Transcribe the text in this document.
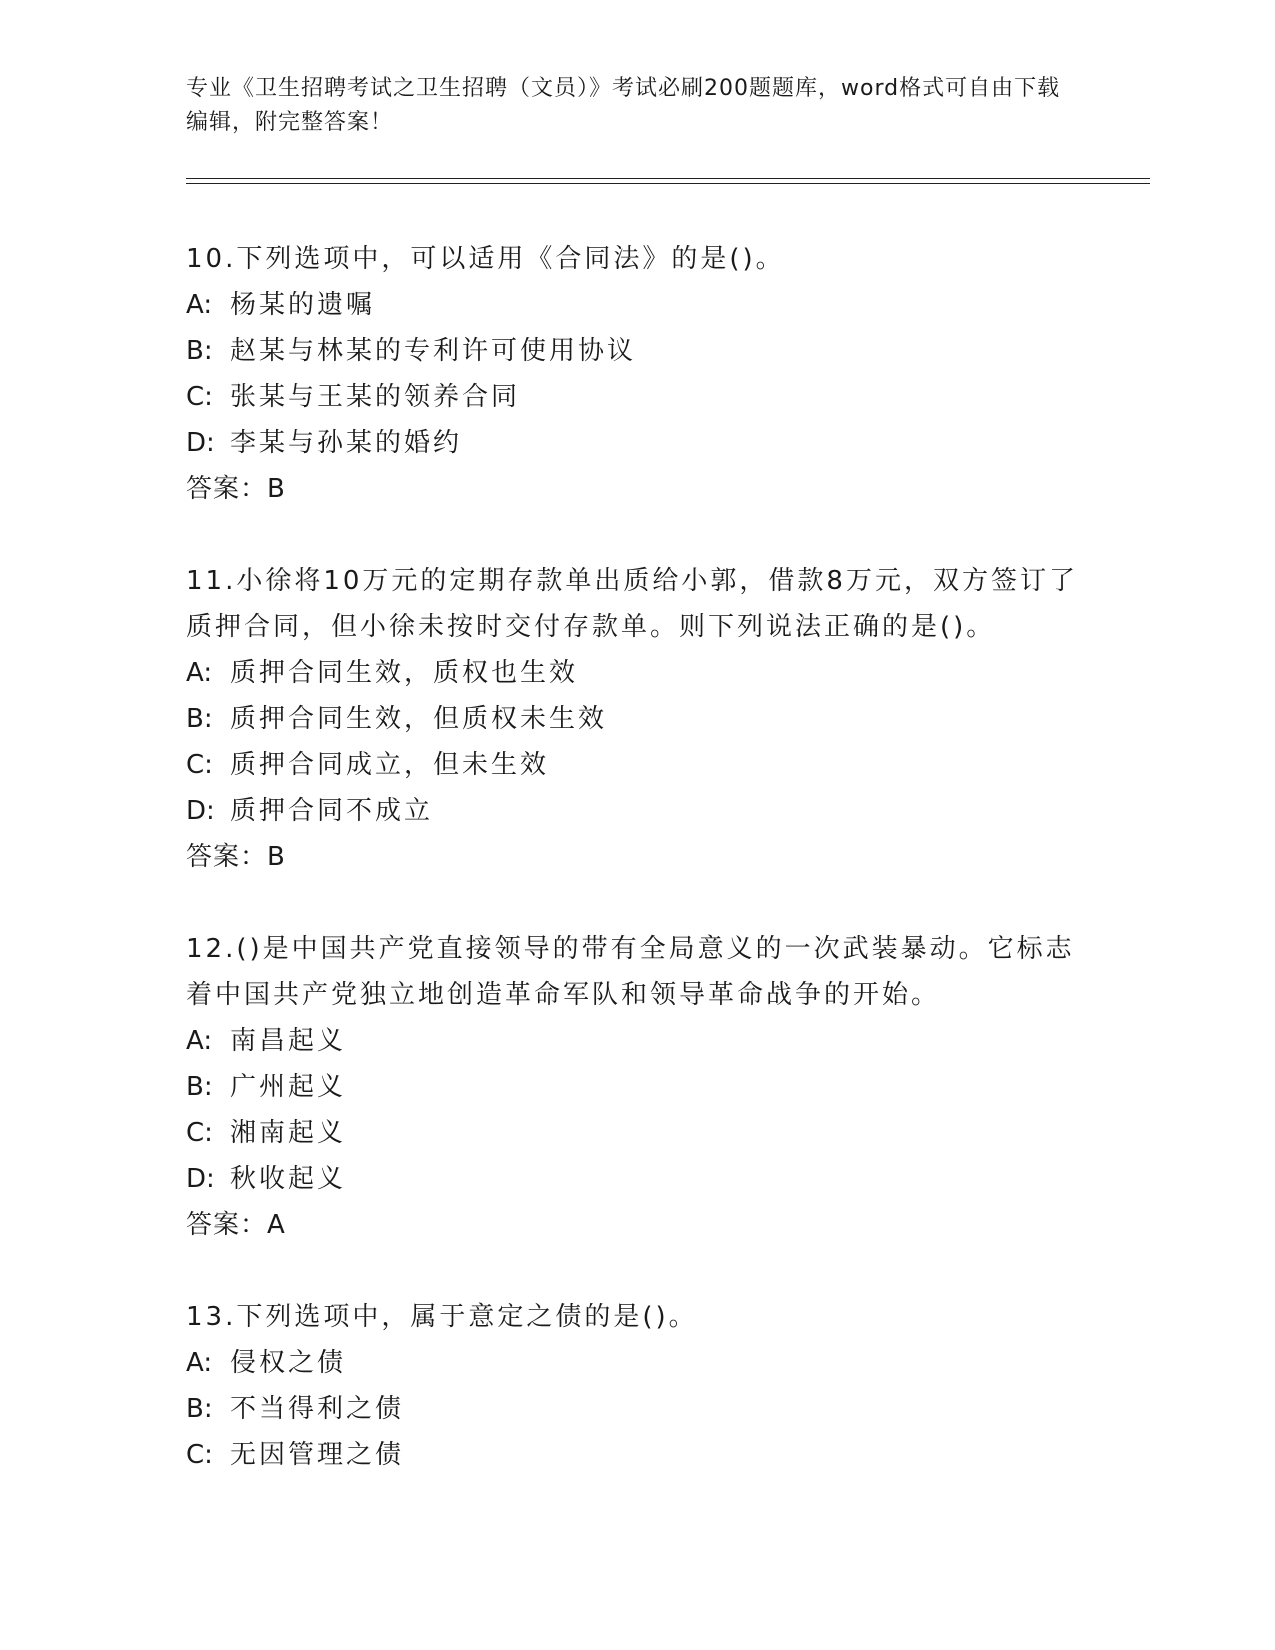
专业《卫生招聘考试之卫生招聘（文员）》考试必刷200题题库，word格式可自由下载编辑，附完整答案！
10.下列选项中，可以适用《合同法》的是()。
A: 杨某的遗嘱
B: 赵某与林某的专利许可使用协议
C: 张某与王某的领养合同
D: 李某与孙某的婚约
答案：B
11.小徐将10万元的定期存款单出质给小郭，借款8万元，双方签订了质押合同，但小徐未按时交付存款单。则下列说法正确的是()。
A: 质押合同生效，质权也生效
B: 质押合同生效，但质权未生效
C: 质押合同成立，但未生效
D: 质押合同不成立
答案：B
12.()是中国共产党直接领导的带有全局意义的一次武装暴动。它标志着中国共产党独立地创造革命军队和领导革命战争的开始。
A: 南昌起义
B: 广州起义
C: 湘南起义
D: 秋收起义
答案：A
13.下列选项中，属于意定之债的是()。
A: 侵权之债
B: 不当得利之债
C: 无因管理之债
